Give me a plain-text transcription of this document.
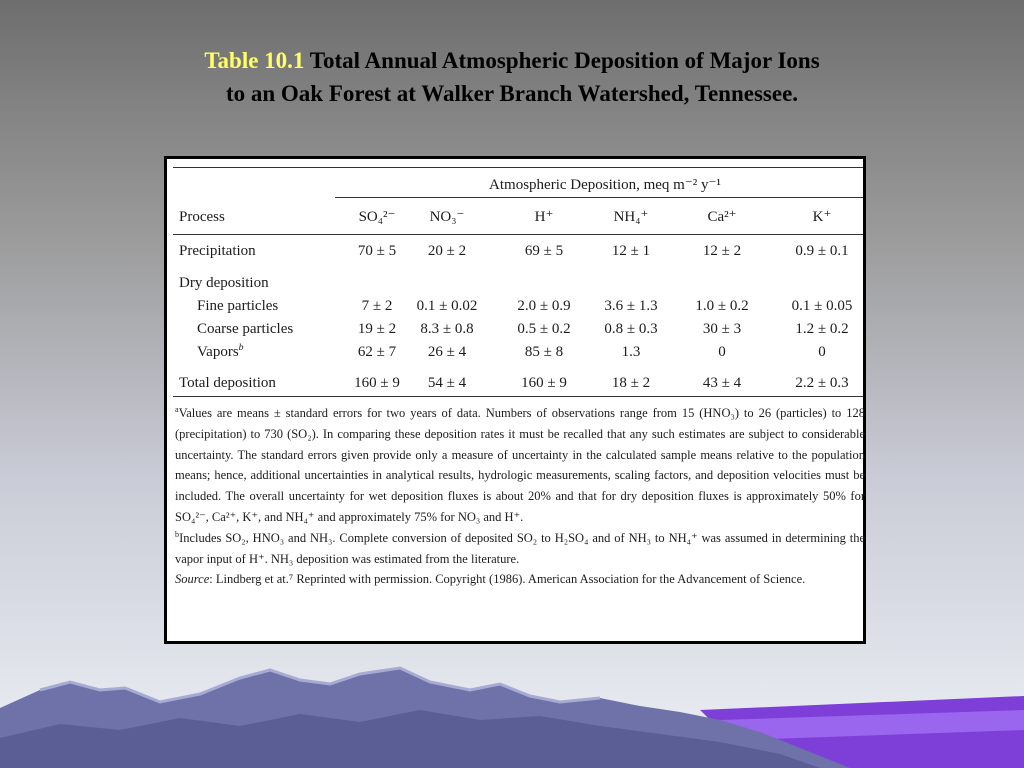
Table 10.1 Total Annual Atmospheric Deposition of Major Ions
to an Oak Forest at Walker Branch Watershed, Tennessee.
Atmospheric Deposition, meq m⁻² y⁻¹
Process	SO₄²⁻	NO₃⁻	H⁺	NH₄⁺	Ca²⁺	K⁺
Precipitation	70 ± 5	20 ± 2	69 ± 5	12 ± 1	12 ± 2	0.9 ± 0.1
Dry deposition
Fine particles	7 ± 2	0.1 ± 0.02	2.0 ± 0.9	3.6 ± 1.3	1.0 ± 0.2	0.1 ± 0.05
Coarse particles	19 ± 2	8.3 ± 0.8	0.5 ± 0.2	0.8 ± 0.3	30 ± 3	1.2 ± 0.2
Vapors$^b$	62 ± 7	26 ± 4	85 ± 8	1.3	0	0
Total deposition	160 ± 9	54 ± 4	160 ± 9	18 ± 2	43 ± 4	2.2 ± 0.3

$^a$Values are means ± standard errors for two years of data. Numbers of observations range from 15 (HNO₃) to 26 (particles) to 128 (precipitation) to 730 (SO₂). In comparing these deposition rates it must be recalled that any such estimates are subject to considerable uncertainty. The standard errors given provide only a measure of uncertainty in the calculated sample means relative to the population means; hence, additional uncertainties in analytical results, hydrologic measurements, scaling factors, and deposition velocities must be included. The overall uncertainty for wet deposition fluxes is about 20% and that for dry deposition fluxes is approximately 50% for SO₄²⁻, Ca²⁺, K⁺, and NH₄⁺ and approximately 75% for NO₃ and H⁺.

$^b$Includes SO₂, HNO₃ and NH₃. Complete conversion of deposited SO₂ to H₂SO₄ and of NH₃ to NH₄⁺ was assumed in determining the vapor input of H⁺. NH₃ deposition was estimated from the literature.

Source: Lindberg et at.⁷ Reprinted with permission. Copyright (1986). American Association for the Advancement of Science.
